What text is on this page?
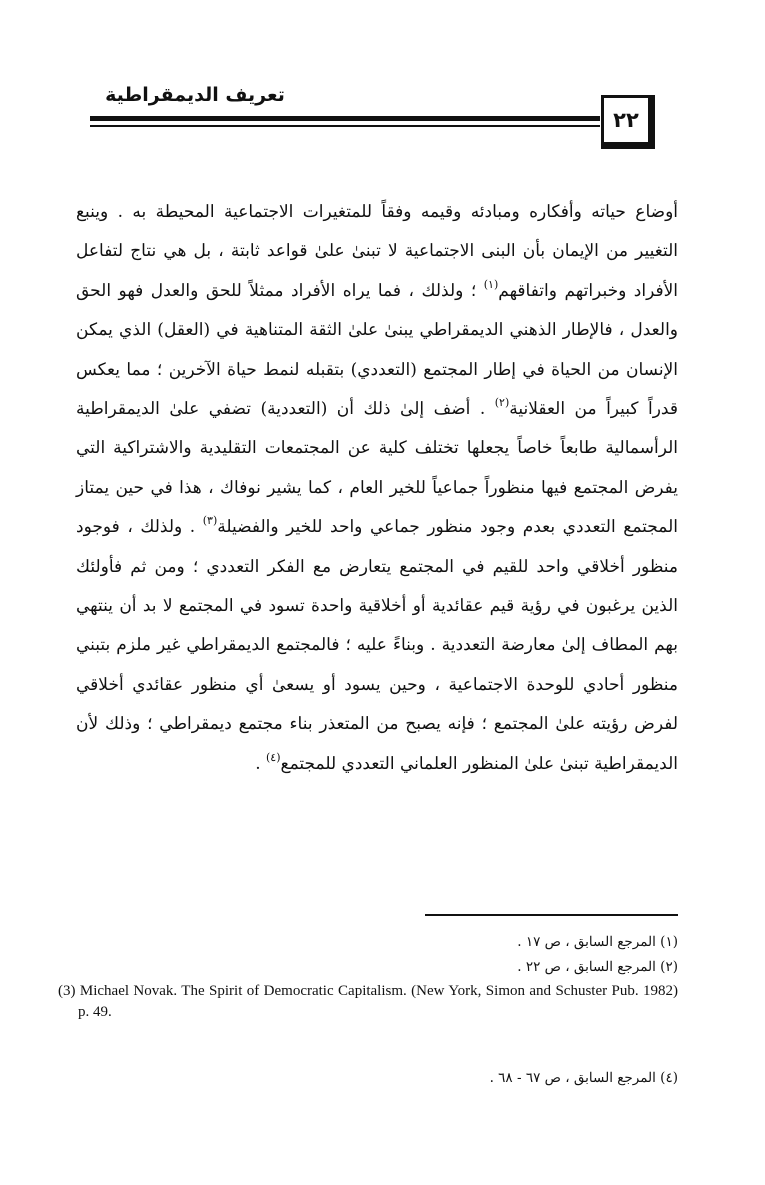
تعريف الديمقراطية
٢٢

أوضاع حياته وأفكاره ومبادئه وقيمه وفقاً للمتغيرات الاجتماعية المحيطة به . وينبع التغيير من الإيمان بأن البنى الاجتماعية لا تبنىٰ علىٰ قواعد ثابتة ، بل هي نتاج لتفاعل الأفراد وخبراتهم واتفاقهم$^{(١)}$ ؛ ولذلك ، فما يراه الأفراد ممثلاً للحق والعدل فهو الحق والعدل ، فالإطار الذهني الديمقراطي يبنىٰ علىٰ الثقة المتناهية في (العقل) الذي يمكن الإنسان من الحياة في إطار المجتمع (التعددي) بتقبله لنمط حياة الآخرين ؛ مما يعكس قدراً كبيراً من العقلانية$^{(٢)}$ . أضف إلىٰ ذلك أن (التعددية) تضفي علىٰ الديمقراطية الرأسمالية طابعاً خاصاً يجعلها تختلف كلية عن المجتمعات التقليدية والاشتراكية التي يفرض المجتمع فيها منظوراً جماعياً للخير العام ، كما يشير نوفاك ، هذا في حين يمتاز المجتمع التعددي بعدم وجود منظور جماعي واحد للخير والفضيلة$^{(٣)}$ . ولذلك ، فوجود منظور أخلاقي واحد للقيم في المجتمع يتعارض مع الفكر التعددي ؛ ومن ثم فأولئك الذين يرغبون في رؤية قيم عقائدية أو أخلاقية واحدة تسود في المجتمع لا بد أن ينتهي بهم المطاف إلىٰ معارضة التعددية . وبناءً عليه ؛ فالمجتمع الديمقراطي غير ملزم بتبني منظور أحادي للوحدة الاجتماعية ، وحين يسود أو يسعىٰ أي منظور عقائدي أخلاقي لفرض رؤيته علىٰ المجتمع ؛ فإنه يصبح من المتعذر بناء مجتمع ديمقراطي ؛ وذلك لأن الديمقراطية تبنىٰ علىٰ المنظور العلماني التعددي للمجتمع$^{(٤)}$ .

(١) المرجع السابق ، ص ١٧ .
(٢) المرجع السابق ، ص ٢٢ .
(3) Michael Novak. The Spirit of Democratic Capitalism. (New York, Simon and Schuster Pub. 1982) p. 49.
(٤) المرجع السابق ، ص ٦٧ - ٦٨ .
